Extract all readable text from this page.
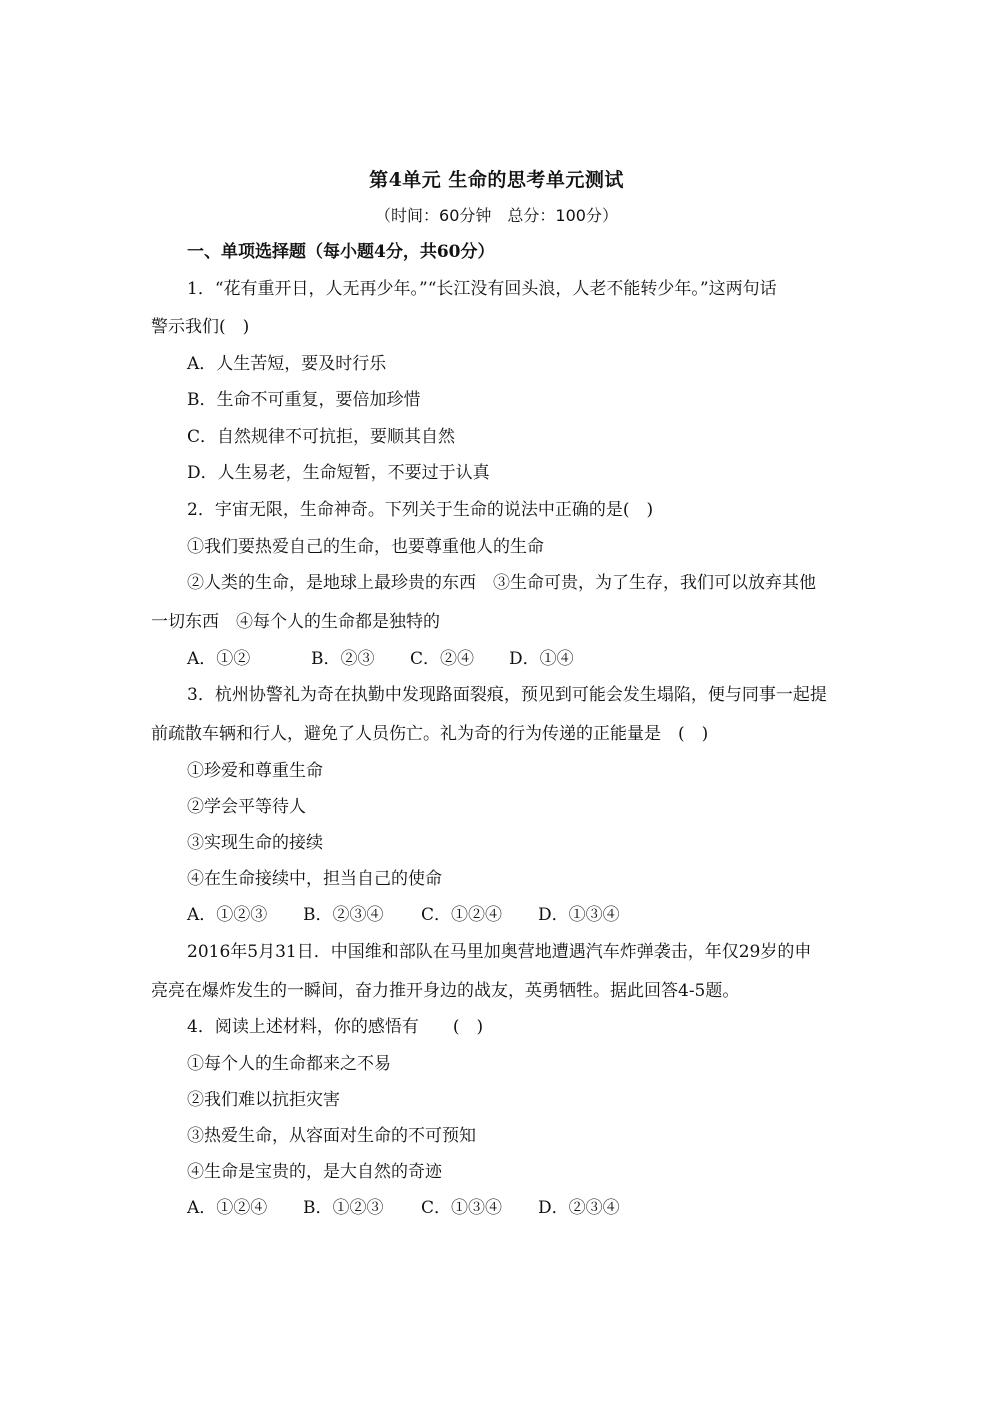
第4单元 生命的思考单元测试
（时间：60分钟　总分：100分）
一、单项选择题（每小题4分，共60分）
1．“花有重开日，人无再少年。”“长江没有回头浪，人老不能转少年。”这两句话
警示我们(　)
A．人生苦短，要及时行乐
B．生命不可重复，要倍加珍惜
C．自然规律不可抗拒，要顺其自然
D．人生易老，生命短暂，不要过于认真
2．宇宙无限，生命神奇。下列关于生命的说法中正确的是(　)
①我们要热爱自己的生命，也要尊重他人的生命
②人类的生命，是地球上最珍贵的东西　③生命可贵，为了生存，我们可以放弃其他
一切东西　④每个人的生命都是独特的
A．①②	B．②③ C．②④ D．①④
3．杭州协警礼为奇在执勤中发现路面裂痕，预见到可能会发生塌陷，便与同事一起提
前疏散车辆和行人，避免了人员伤亡。礼为奇的行为传递的正能量是　(　)
①珍爱和尊重生命
②学会平等待人
③实现生命的接续
④在生命接续中，担当自己的使命
A．①②③ B．②③④ C．①②④ D．①③④
2016年5月31日．中国维和部队在马里加奥营地遭遇汽车炸弹袭击，年仅29岁的申
亮亮在爆炸发生的一瞬间，奋力推开身边的战友，英勇牺牲。据此回答4-5题。
4．阅读上述材料，你的感悟有　　(　)
①每个人的生命都来之不易
②我们难以抗拒灾害
③热爱生命，从容面对生命的不可预知
④生命是宝贵的，是大自然的奇迹
A．①②④ B．①②③ C．①③④ D．②③④
